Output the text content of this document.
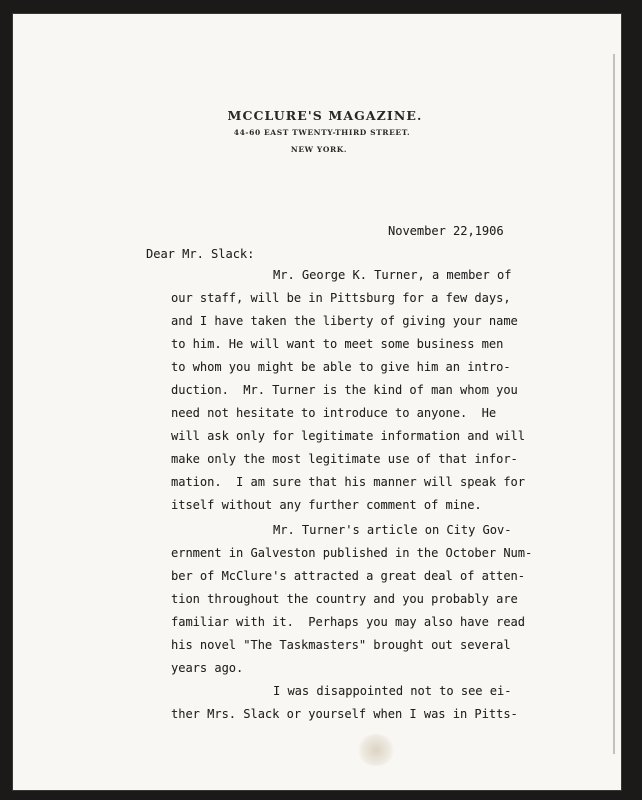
MCCLURE'S MAGAZINE.
44-60 EAST TWENTY-THIRD STREET.
NEW YORK.
November 22,1906
Dear Mr. Slack:
Mr. George K. Turner, a member of
our staff, will be in Pittsburg for a few days,
and I have taken the liberty of giving your name
to him. He will want to meet some business men
to whom you might be able to give him an intro-
duction.  Mr. Turner is the kind of man whom you
need not hesitate to introduce to anyone.  He
will ask only for legitimate information and will
make only the most legitimate use of that infor-
mation.  I am sure that his manner will speak for
itself without any further comment of mine.
Mr. Turner's article on City Gov-
ernment in Galveston published in the October Num-
ber of McClure's attracted a great deal of atten-
tion throughout the country and you probably are
familiar with it.  Perhaps you may also have read
his novel "The Taskmasters" brought out several
years ago.
I was disappointed not to see ei-
ther Mrs. Slack or yourself when I was in Pitts-
